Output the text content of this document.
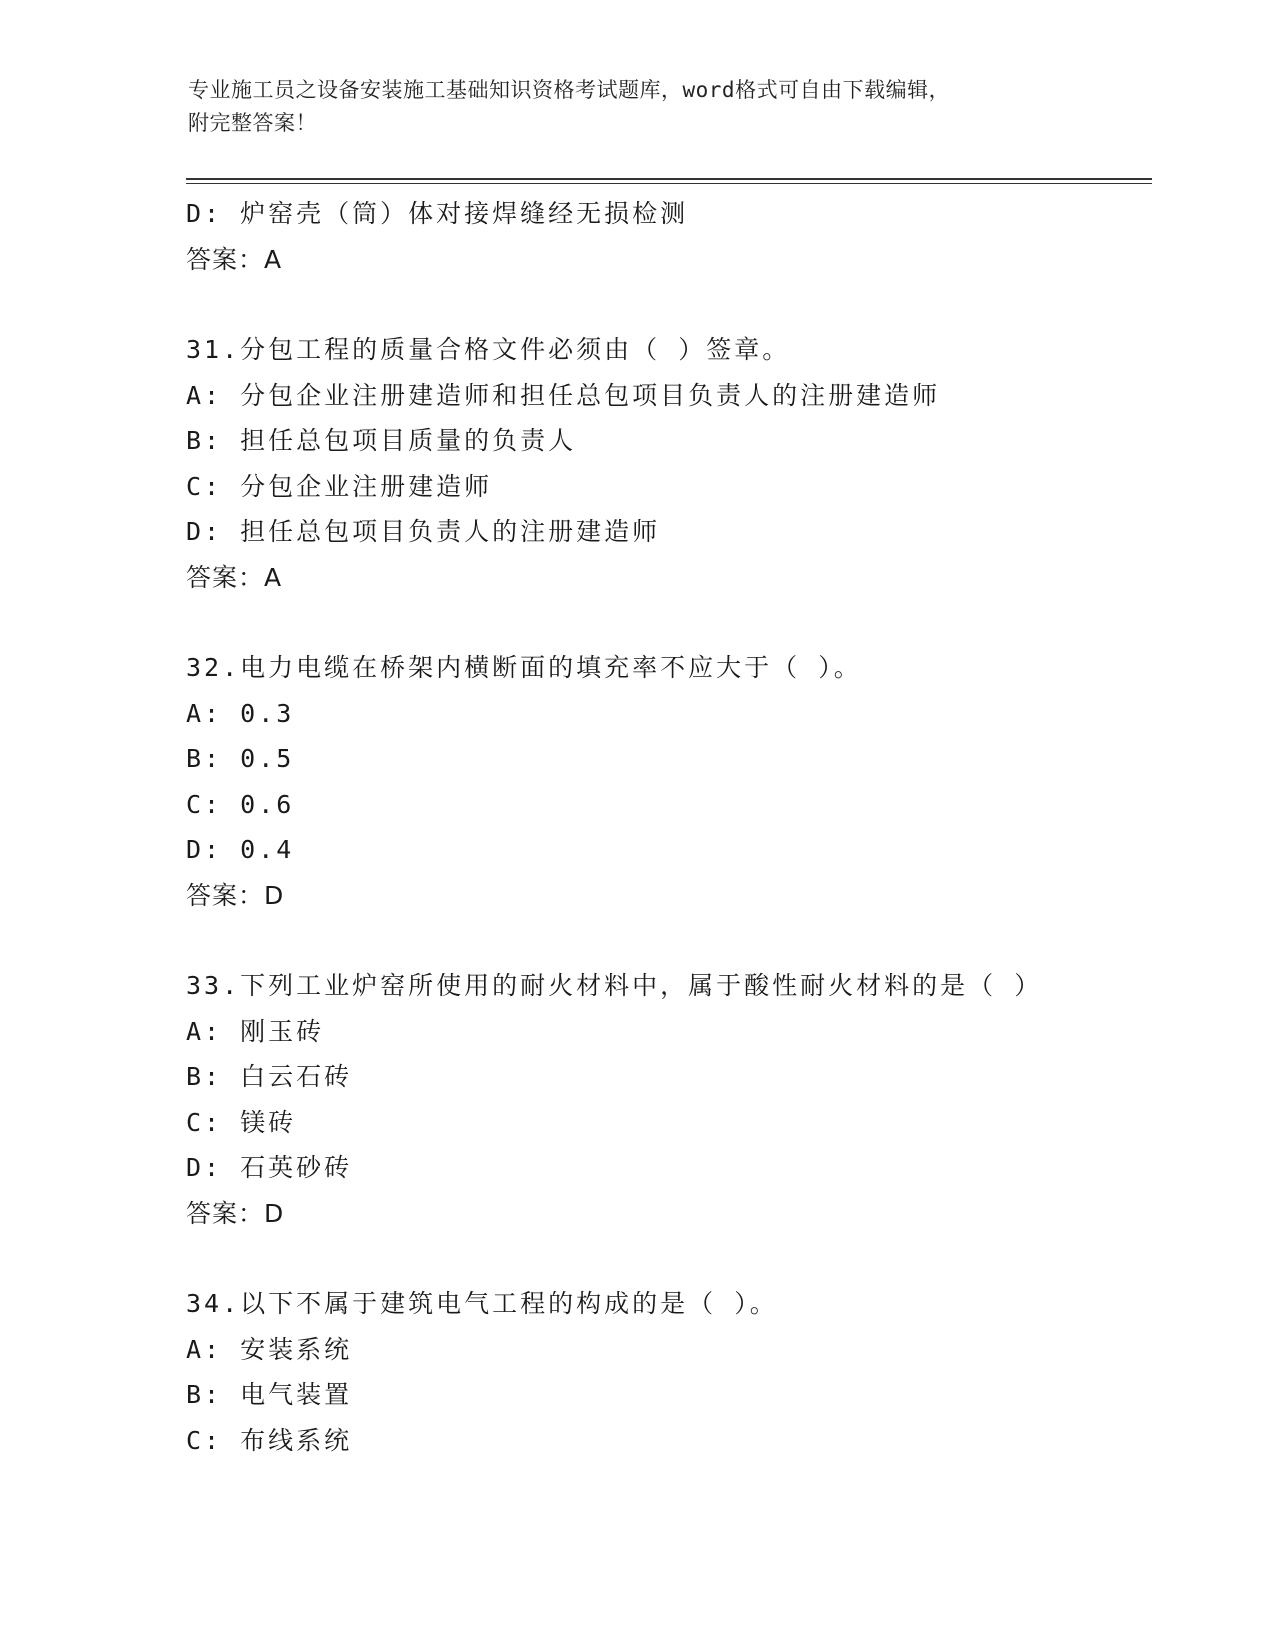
专业施工员之设备安装施工基础知识资格考试题库，word格式可自由下载编辑，
附完整答案！
D: 炉窑壳（筒）体对接焊缝经无损检测
答案：A
31.分包工程的质量合格文件必须由（ ）签章。
A: 分包企业注册建造师和担任总包项目负责人的注册建造师
B: 担任总包项目质量的负责人
C: 分包企业注册建造师
D: 担任总包项目负责人的注册建造师
答案：A
32.电力电缆在桥架内横断面的填充率不应大于（ ）。
A: 0.3
B: 0.5
C: 0.6
D: 0.4
答案：D
33.下列工业炉窑所使用的耐火材料中，属于酸性耐火材料的是（ ）
A: 刚玉砖
B: 白云石砖
C: 镁砖
D: 石英砂砖
答案：D
34.以下不属于建筑电气工程的构成的是（ ）。
A: 安装系统
B: 电气装置
C: 布线系统
